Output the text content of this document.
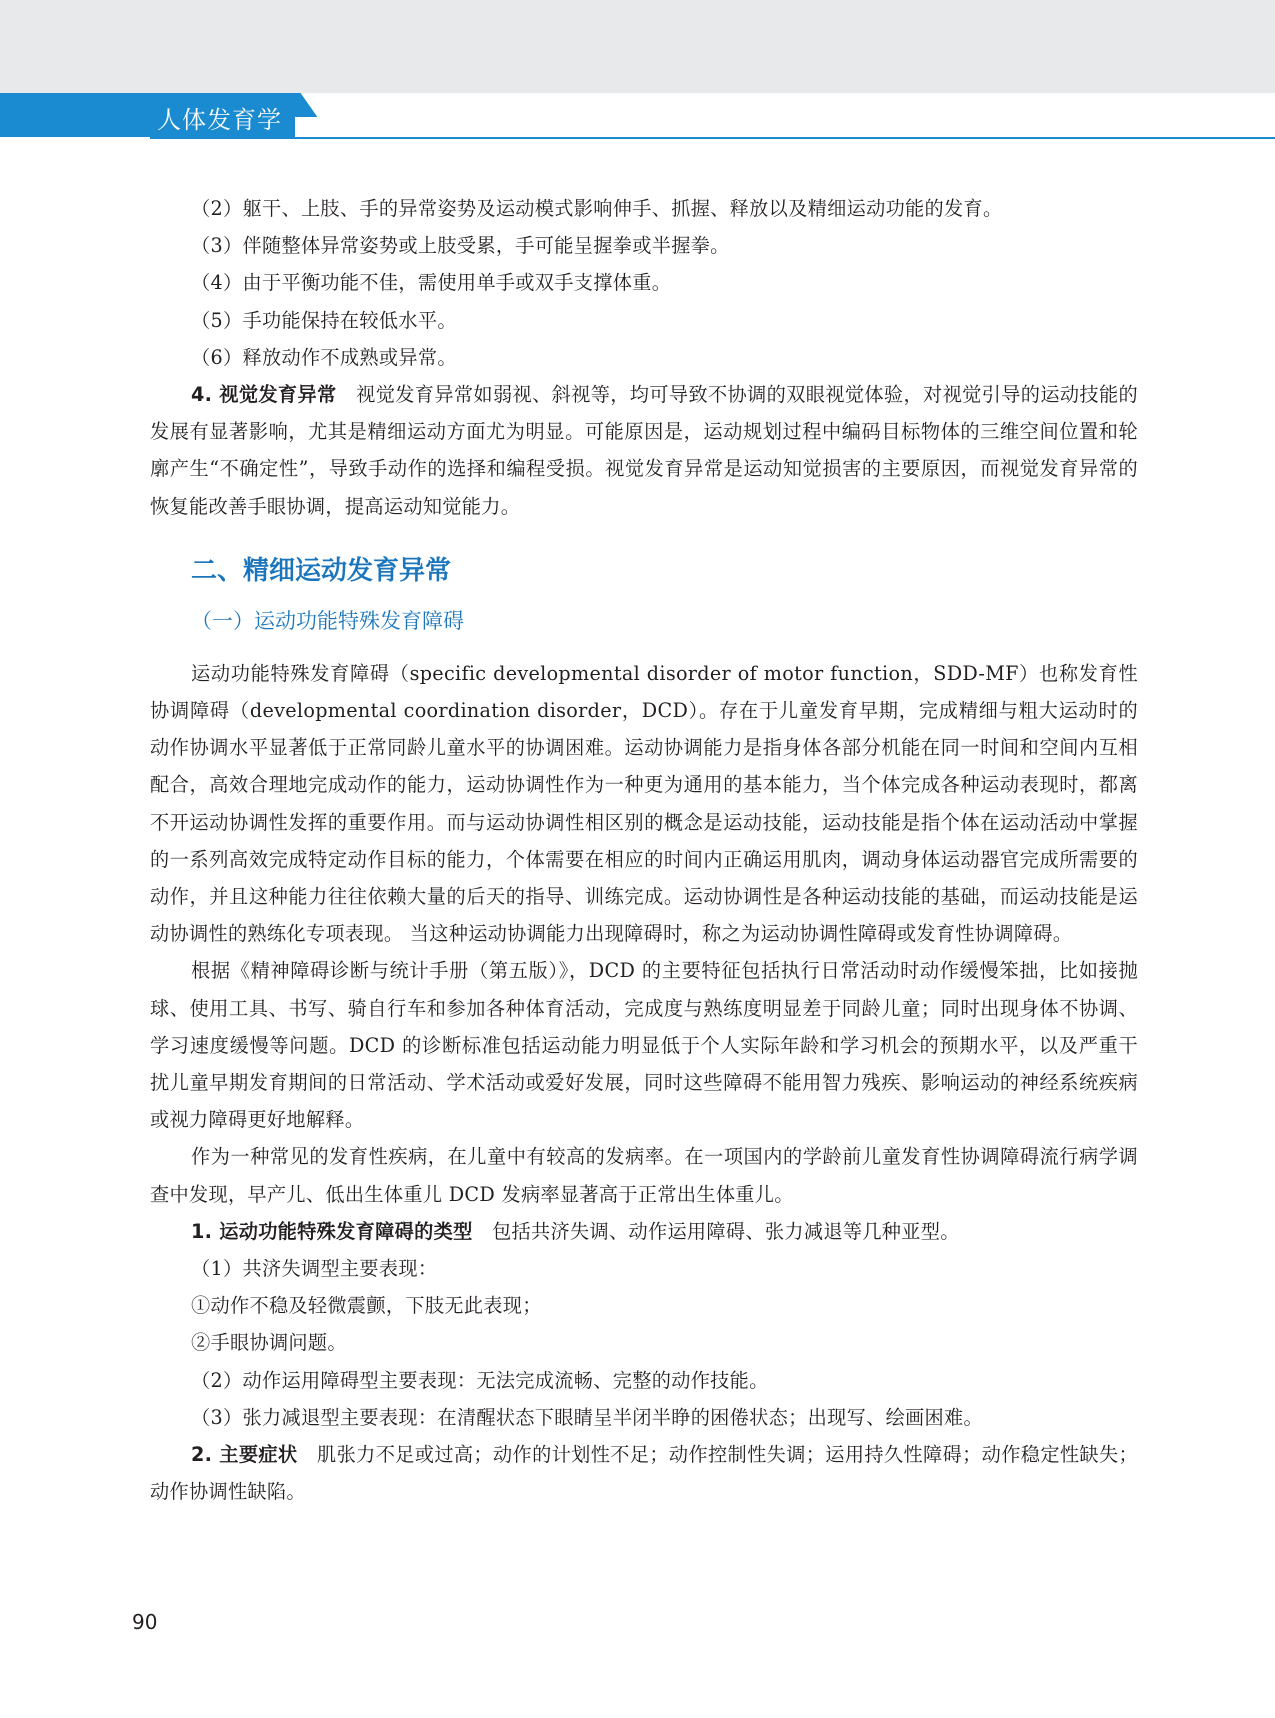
人体发育学

（2）躯干、上肢、手的异常姿势及运动模式影响伸手、抓握、释放以及精细运动功能的发育。

（3）伴随整体异常姿势或上肢受累，手可能呈握拳或半握拳。

（4）由于平衡功能不佳，需使用单手或双手支撑体重。

（5）手功能保持在较低水平。

（6）释放动作不成熟或异常。

4. 视觉发育异常　 视觉发育异常如弱视、斜视等，均可导致不协调的双眼视觉体验，对视觉引导的运动技能的发展有显著影响，尤其是精细运动方面尤为明显。可能原因是，运动规划过程中编码目标物体的三维空间位置和轮廓产生“不确定性”，导致手动作的选择和编程受损。视觉发育异常是运动知觉损害的主要原因，而视觉发育异常的恢复能改善手眼协调，提高运动知觉能力。

二、精细运动发育异常
（一）运动功能特殊发育障碍

运动功能特殊发育障碍（specific developmental disorder of motor function，SDD-MF）也称发育性协调障碍（developmental coordination disorder，DCD）。存在于儿童发育早期，完成精细与粗大运动时的动作协调水平显著低于正常同龄儿童水平的协调困难。运动协调能力是指身体各部分机能在同一时间和空间内互相配合，高效合理地完成动作的能力，运动协调性作为一种更为通用的基本能力，当个体完成各种运动表现时，都离不开运动协调性发挥的重要作用。而与运动协调性相区别的概念是运动技能，运动技能是指个体在运动活动中掌握的一系列高效完成特定动作目标的能力，个体需要在相应的时间内正确运用肌肉，调动身体运动器官完成所需要的动作，并且这种能力往往依赖大量的后天的指导、训练完成。运动协调性是各种运动技能的基础，而运动技能是运动协调性的熟练化专项表现。 当这种运动协调能力出现障碍时，称之为运动协调性障碍或发育性协调障碍。

根据《精神障碍诊断与统计手册（第五版）》，DCD 的主要特征包括执行日常活动时动作缓慢笨拙，比如接抛球、使用工具、书写、骑自行车和参加各种体育活动，完成度与熟练度明显差于同龄儿童；同时出现身体不协调、学习速度缓慢等问题。DCD 的诊断标准包括运动能力明显低于个人实际年龄和学习机会的预期水平，以及严重干扰儿童早期发育期间的日常活动、学术活动或爱好发展，同时这些障碍不能用智力残疾、影响运动的神经系统疾病或视力障碍更好地解释。

作为一种常见的发育性疾病，在儿童中有较高的发病率。在一项国内的学龄前儿童发育性协调障碍流行病学调查中发现，早产儿、低出生体重儿 DCD 发病率显著高于正常出生体重儿。

1. 运动功能特殊发育障碍的类型　 包括共济失调、动作运用障碍、张力减退等几种亚型。

（1）共济失调型主要表现：

①动作不稳及轻微震颤，下肢无此表现；

②手眼协调问题。

（2）动作运用障碍型主要表现：无法完成流畅、完整的动作技能。

（3）张力减退型主要表现：在清醒状态下眼睛呈半闭半睁的困倦状态；出现写、绘画困难。

2. 主要症状　 肌张力不足或过高；动作的计划性不足；动作控制性失调；运用持久性障碍；动作稳定性缺失；动作协调性缺陷。

90
